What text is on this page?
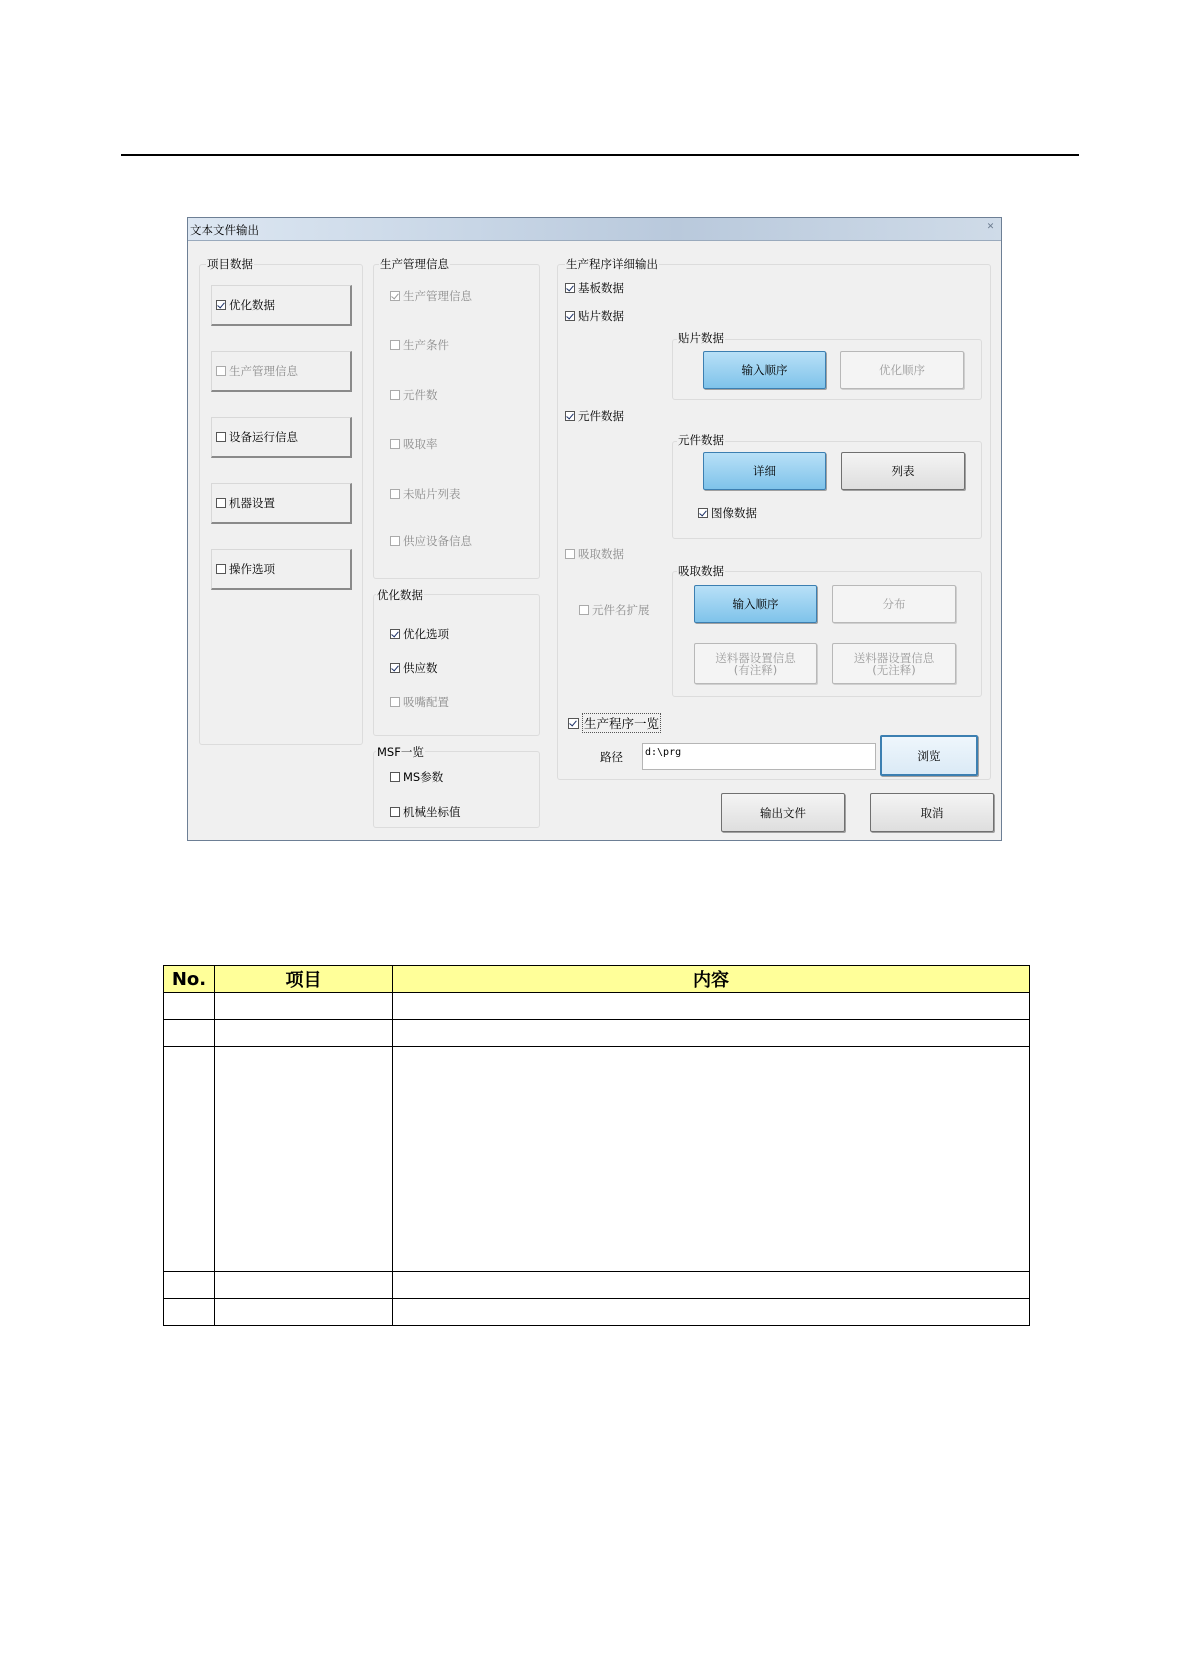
文本文件输出	✕
项目数据
优化数据
生产管理信息
设备运行信息
机器设置
操作选项
生产管理信息
生产管理信息
生产条件
元件数
吸取率
未贴片列表
供应设备信息
优化数据
优化选项
供应数
吸嘴配置
MSF一览
MS参数
机械坐标值
生产程序详细输出
基板数据
贴片数据
贴片数据
输入顺序	优化顺序
元件数据
元件数据
详细	列表
图像数据
吸取数据
元件名扩展
吸取数据
输入顺序	分布
送料器设置信息
(有注释)
送料器设置信息
(无注释)
生产程序一览
路径	d:\prg	浏览
输出文件	取消
No.	项目	内容
